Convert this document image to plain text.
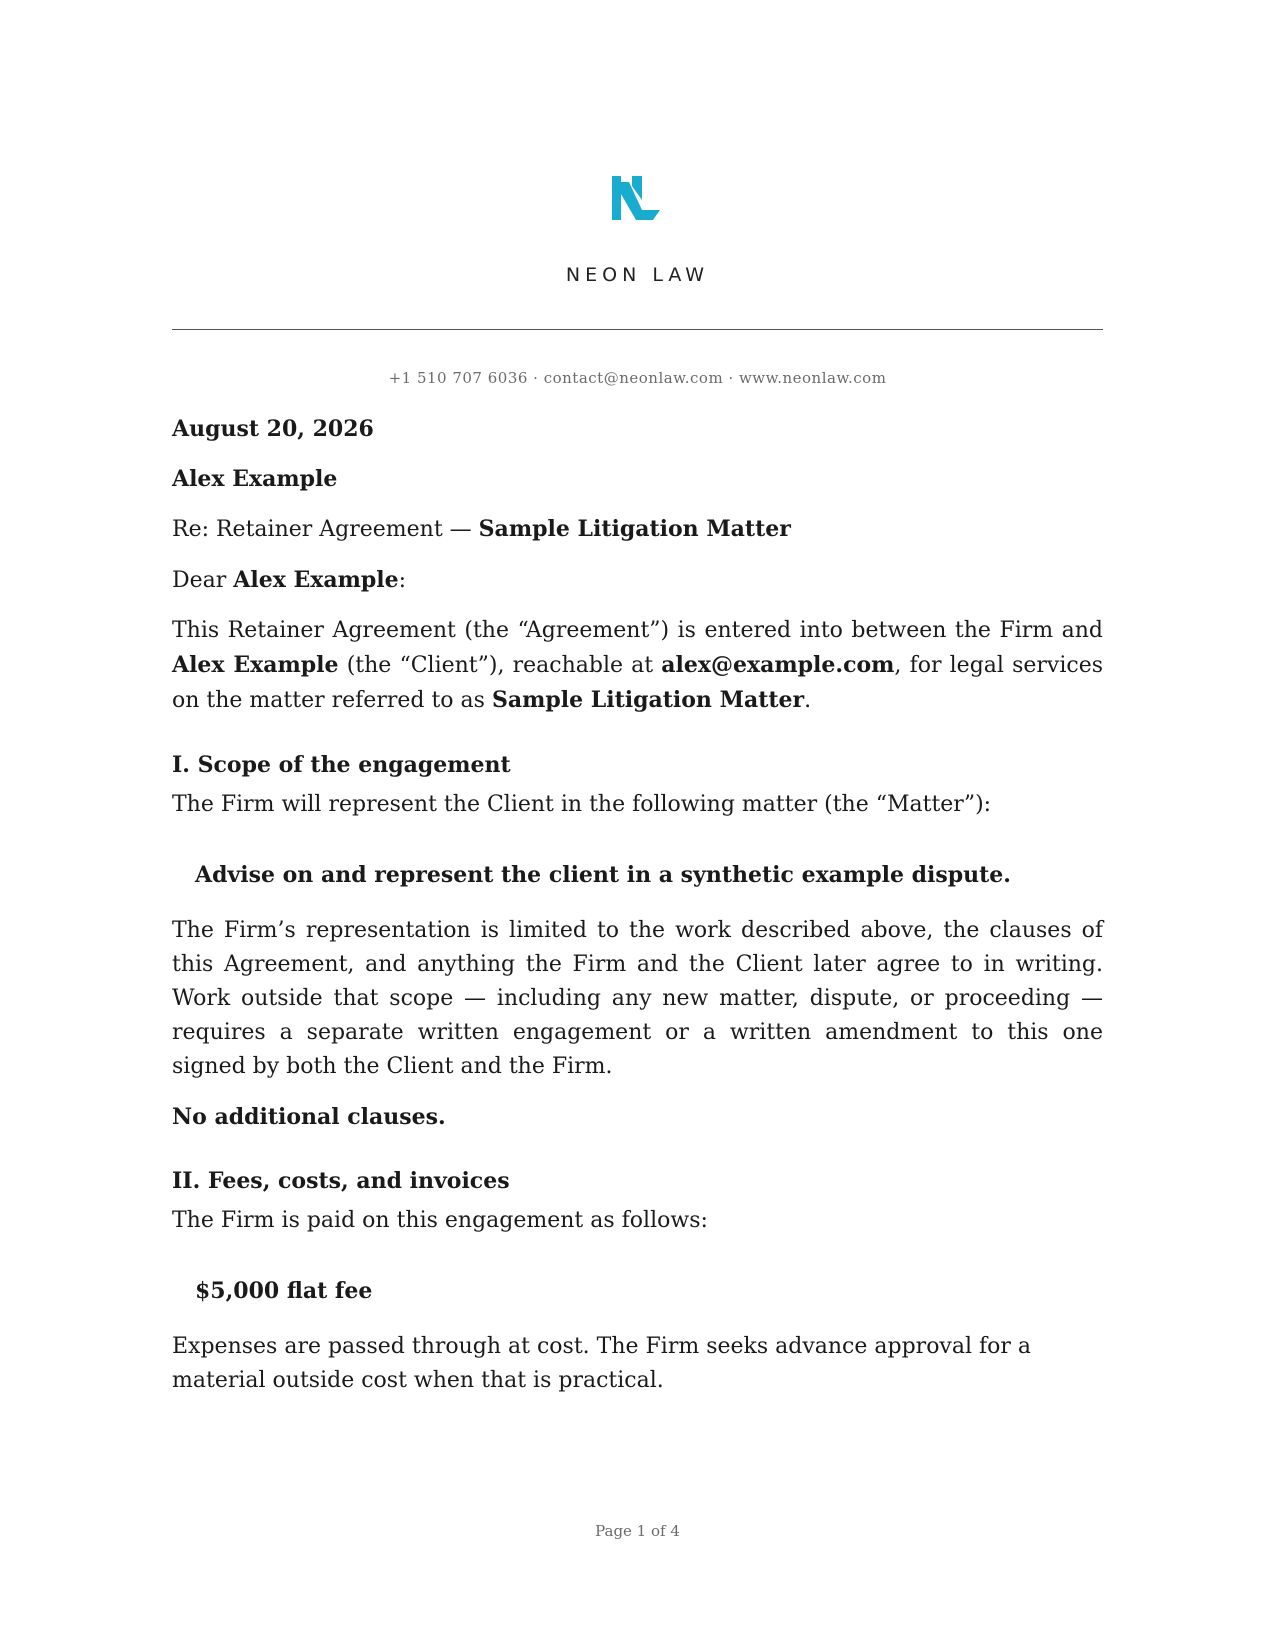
NEON LAW
+1 510 707 6036 · contact@neonlaw.com · www.neonlaw.com

August 20, 2026

Alex Example

Re: Retainer Agreement — Sample Litigation Matter

Dear Alex Example:

This Retainer Agreement (the “Agreement”) is entered into between the Firm and Alex Example (the “Client”), reachable at alex@example.com, for legal services on the matter referred to as Sample Litigation Matter.

I. Scope of the engagement

The Firm will represent the Client in the following matter (the “Matter”):

Advise on and represent the client in a synthetic example dispute.

The Firm’s representation is limited to the work described above, the clauses of this Agreement, and anything the Firm and the Client later agree to in writing. Work outside that scope — including any new matter, dispute, or proceeding — requires a separate written engagement or a written amendment to this one signed by both the Client and the Firm.

No additional clauses.

II. Fees, costs, and invoices

The Firm is paid on this engagement as follows:

$5,000 flat fee

Expenses are passed through at cost. The Firm seeks advance approval for a material outside cost when that is practical.

Page 1 of 4
